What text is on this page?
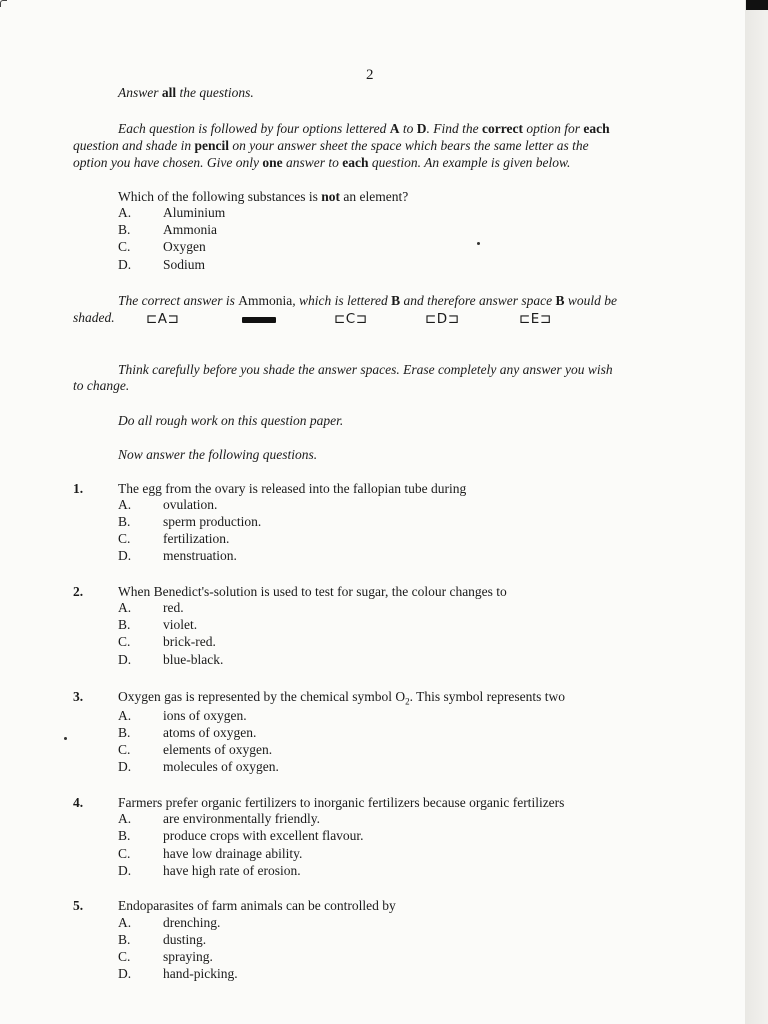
2
Answer all the questions.
Each question is followed by four options lettered A to D. Find the correct option for each
question and shade in pencil on your answer sheet the space which bears the same letter as the
option you have chosen. Give only one answer to each question. An example is given below.
Which of the following substances is not an element?
A. Aluminium
B. Ammonia
C. Oxygen
D. Sodium
The correct answer is Ammonia, which is lettered B and therefore answer space B would be
shaded. ⊏A⊐	⊏C⊐	⊏D⊐	⊏E⊐
Think carefully before you shade the answer spaces. Erase completely any answer you wish
to change.
Do all rough work on this question paper.
Now answer the following questions.
1.	The egg from the ovary is released into the fallopian tube during
A. ovulation.
B. sperm production.
C. fertilization.
D. menstruation.
2.	When Benedict's-solution is used to test for sugar, the colour changes to
A. red.
B. violet.
C. brick-red.
D. blue-black.
3.	Oxygen gas is represented by the chemical symbol $O_2$. This symbol represents two
A. ions of oxygen.
B. atoms of oxygen.
C. elements of oxygen.
D. molecules of oxygen.
4.	Farmers prefer organic fertilizers to inorganic fertilizers because organic fertilizers
A. are environmentally friendly.
B. produce crops with excellent flavour.
C. have low drainage ability.
D. have high rate of erosion.
5.	Endoparasites of farm animals can be controlled by
A. drenching.
B. dusting.
C. spraying.
D. hand-picking.
